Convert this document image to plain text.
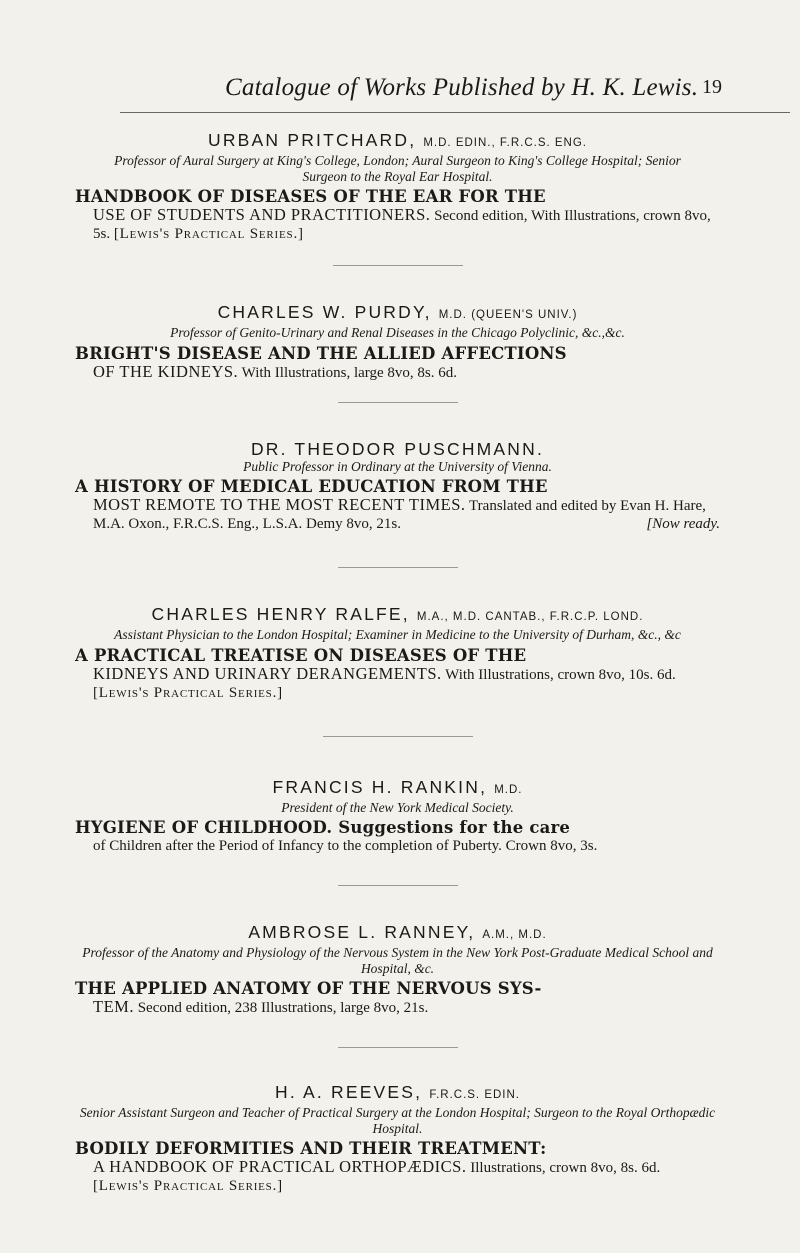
Catalogue of Works Published by H. K. Lewis. 19
URBAN PRITCHARD, M.D. EDIN., F.R.C.S. ENG.
Professor of Aural Surgery at King's College, London; Aural Surgeon to King's College Hospital; Senior Surgeon to the Royal Ear Hospital.
HANDBOOK OF DISEASES OF THE EAR FOR THE
USE OF STUDENTS AND PRACTITIONERS. Second edition, With Illustrations, crown 8vo, 5s. [Lewis's Practical Series.]
CHARLES W. PURDY, M.D. (QUEEN'S UNIV.)
Professor of Genito-Urinary and Renal Diseases in the Chicago Polyclinic, &c.,&c.
BRIGHT'S DISEASE AND THE ALLIED AFFECTIONS
OF THE KIDNEYS. With Illustrations, large 8vo, 8s. 6d.
DR. THEODOR PUSCHMANN.
Public Professor in Ordinary at the University of Vienna.
A HISTORY OF MEDICAL EDUCATION FROM THE
MOST REMOTE TO THE MOST RECENT TIMES. Translated and edited by Evan H. Hare, M.A. Oxon., F.R.C.S. Eng., L.S.A. Demy 8vo, 21s.	[Now ready.
CHARLES HENRY RALFE, M.A., M.D. CANTAB., F.R.C.P. LOND.
Assistant Physician to the London Hospital; Examiner in Medicine to the University of Durham, &c., &c
A PRACTICAL TREATISE ON DISEASES OF THE
KIDNEYS AND URINARY DERANGEMENTS. With Illustrations, crown 8vo, 10s. 6d. [Lewis's Practical Series.]
FRANCIS H. RANKIN, M.D.
President of the New York Medical Society.
HYGIENE OF CHILDHOOD. Suggestions for the care
of Children after the Period of Infancy to the completion of Puberty. Crown 8vo, 3s.
AMBROSE L. RANNEY, A.M., M.D.
Professor of the Anatomy and Physiology of the Nervous System in the New York Post-Graduate Medical School and Hospital, &c.
THE APPLIED ANATOMY OF THE NERVOUS SYS-
TEM. Second edition, 238 Illustrations, large 8vo, 21s.
H. A. REEVES, F.R.C.S. EDIN.
Senior Assistant Surgeon and Teacher of Practical Surgery at the London Hospital; Surgeon to the Royal Orthopædic Hospital.
BODILY DEFORMITIES AND THEIR TREATMENT:
A HANDBOOK OF PRACTICAL ORTHOPÆDICS. Illustrations, crown 8vo, 8s. 6d. [Lewis's Practical Series.]
